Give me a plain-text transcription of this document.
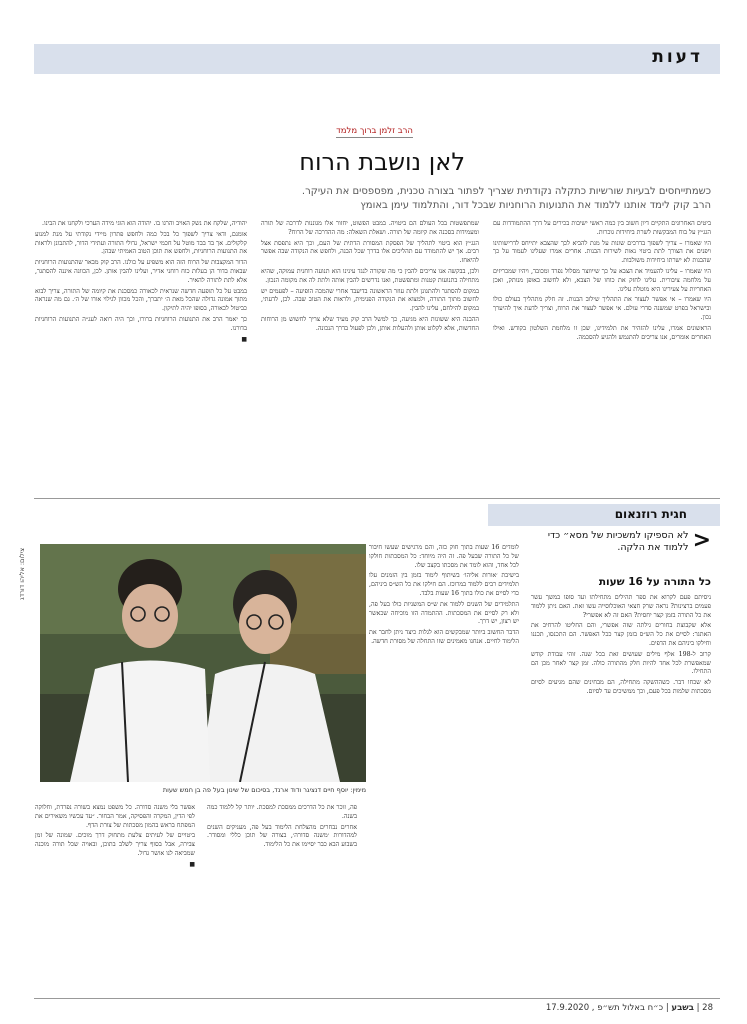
דעות
הרב זלמן ברוך מלמד
לאן נושבת הרוח
כשמתייחסים לבעיות שורשיות כתקלה נקודתית שצריך לפתור בצורה טכנית, מפספסים את העיקר.
הרב קוק לימד אותנו ללמוד את התנועות הרוחניות שבכל דור, והתלמוד עימן באומץ

ביטים האחרונים התקיים דיון חשוב בין כמה ראשי ישיבות בכירים על דרך ההתמודדות עם הגג״ץ על בוח המבקשות לשרת ביחידות גוכרות.

היו שאמרו – צריך לשפוך בדרכים שונות על מנת להביא לכך שהצבא יתייחס לדרישותינו ויפנים את הצורך לתת ביטוי נאות לשירות הבנות. אחרים אמרו שעלינו לעמוד על כך שהבנות לא ישרתו ביחידות משולבות.

היו שאמרו – עלינו להעמיד את הצבא על כך שייווצר מסלול נפרד ומכובד, ויהיו שמכריזים על מלחמה ציבורית. עלינו לחזק את כוחו של הצבא, ולא לחשוב באופן מנותק, ואכן האחריות על צעירינו היא מוטלת עלינו.

היו שאמרו – אי אפשר לעצור את התהליך שילוב הבנות. זה חלק מתהליך בעולם כולו ובישראל בפרט שמשנה סדרי עולם. אי אפשר לעצור את הרוח, וצריך לדעת איך להיערך נכון.

הראשונים אמרו, עלינו להזהיר את תלמידינו, שכן זו מלחמת השלטון בקודש. ואילו האחרים אומרים, אנו צריכים להתגמש ולהגיע להסכמה.

שמתפשטות בכל העולם הם ביטויה. במבט הפשוט, יחזור אלו מגוננות לדרכה של תורה ומעמידות בסכנה את קיומה של תורה. ושאלת השאלה: מה ההדרכה של הרוח?

הגג״ץ הוא ביטוי לתהליך של הפסקת המסורת הדתית של העם, וכך היא נתפסת אצל רבים. אך יש להתמודד עם תהליכים אלו בדרך שכל הבנה, ולחפש את הנקודה שבה אפשר להיאחז.

ולכן, בבקשה אנו צריכים להבין כי מה שקורה לנגד עינינו הוא תנועה רוחנית עמוקה, שהיא מתחילה בתנועות קטנות ומתפשטת, ואנו נדרשים להבין אותה ולתת לה את מקומה הנכון.

במקום להסתגר ולהתגונן ולתת עוזר הראשונה בדיעבד אחרי שהמכה הופיעה – לפעמים יש לחשוב מתוך התורה, ולמצוא את הנקודה הפנימית, ולראות את הטוב שבה. לכן, לדעתי, במקום להילחם, עלינו להבין.

ההבנה היא ששונות היא מגיעה, כך למשל הרב קוק מעיד שלא צריך לחשוש מן הרוחות החדשות, אלא לקלוט אותן ולהעלות אותן, ולכן לפעול בדרך הנכונה.

יהודיה, שלקח את נשק האויב והרגו בו. יהודה הוא הוגי מידה הערכי ולקחנו את הבינו.

אומנם, ודאי צריך לשפוך כל בכל כמה ולחפש פתרון מיידי נקודתי על מנת למנוע קלקולים. אך בד בבד מוטל על חכמי ישראל, גדולי התורה ועתידי הדור, להתבונן ולראות את התנועות הרוחניות, ולחפש את תוכן הטוב האמיתי שבהן.

הדור המקצבות של הרוח הזה הוא משפיע על כולנו. הרב קוק מבאר שהתנועות הרוחניות שבאות בדור הן בעלות כוח רוחני אדיר, ועלינו להבין אותן. לכן, הכוונה איננה להסתגר, אלא לתת לתורה להאיר.

במבט על כל תופעה חדשה שנראית לכאורה כמסכנת את קיומה של התורה, צריך לבוא מתוך אמונה גדולה שהכל מאת ה׳ יתברך, והכל מכוון לגילוי אורו של ה׳. גם מה שנראה כביטול לכאורה, בסופו יהיה לתיקון.

כך יאמר הרב את התנועות הרוחניות ברורו, וכך היה רואה לעג״ה התנועות הרוחניות בדורנו.

■
חגית רוזנאום
<
לא הספיקו למשכיות של מסא״ כדי ללמוד את הלקה.
כל התורה על 16 שעות

ניסיתם פעם לקרוא את ספר תהילים מתחילתו ועד סופו במשך עשר פעמים ברצינות? נראה שרק חצאי האוכלוסייה עשו זאת. האם ניתן ללמוד את כל התורה בזמן קצר יחסית? האם זה לא אפשרי?

אלא שקבוצת בחורים גילתה שזה אפשרי, והם החליטו להרחיב את האתגר: לסיים את כל הש״ס בזמן קצר ככל האפשר. הם התכנסו, תכננו וחילקו ביניהם את הדפים.

קרוב ל-198 אלף מילים שעושים זאת בכל שנה. זוהי עבודת קודש שמאפשרת לכל אחד להיות חלק מהתורה כולה. זמן קצר לאחר מכן הם התחילו.

לא שכחו דבר. כשההשקה מתחילה, הם מבחינים שהם מגיעים לסיום מסכתות שלמות בכל פעם, וכך ממשיכים עד לסיום.

לומדים 16 שעות בתוך חוק כזה, והם מרגישים שעשו חיבור של כל התורה שבעל פה. זה היה מיוחד: כל המסכתות חולקו לכל אחד, והוא לומד את מסכתו בקצב שלו.

בישיבת ׳אורות אליהו׳ בשיתוף לימוד בזמן בין הזמנים עלו תלמידים רבים ללמוד במרוכז. הם חילקו את כל הש״ס ביניהם, כדי לסיים את כולו בתוך 16 שעות בלבד.

התלמידים של השנים ללמוד את ש״ס המשניות כולו בעל פה, ולא רק לסיים את המסכתות. ההתמדה הזו מוכיחה שכאשר יש רצון, יש דרך.

הדבר החשוב ביותר שמבקשים הוא לגלות כיצד ניתן לחבר את הלימוד לחיים. אנחנו מאמינים שזו התחלה של מסורת חדשה.

פה, זוכר את כל הדרכים ממסכת למסכת. יותר קל ללמוד כמה בשנה.

אחרים נבחרים מהצלחת הלימוד בעל פה, מעניקים השנים למהדורות ׳משנה סדורה׳, בצורה של תוכן כללי ומסודר. בשבוע הבא כבר יסיימו את כל הלימוד.

אפשר בלי משנה סדורה. כל משפט נמצא בשורה נפרדת, וחלוקה לפי הדין, המקרה והפסיקה, אמר הבחור. ״עד עכשיו משאירים את המפתח בראש בהמון מסכתות של צורת הדף.

ביטויים של לעיתים צלעת מתחוק דרך מוכים. שמונה של זמן צבירה, אבל בסוף צריך לשלב בתוכן, ובאויה שכל תורה מוכנה שמביאה לנו אושר גדול.

■
צילום: אליהו דורדג
מימין: יוסף חיים דנציגר ודוד ארנד, בסיכום של שינון בעל פה בן חמש שעות
28 | בשבע | כ״ח באלול תש״פ , 17.9.2020
